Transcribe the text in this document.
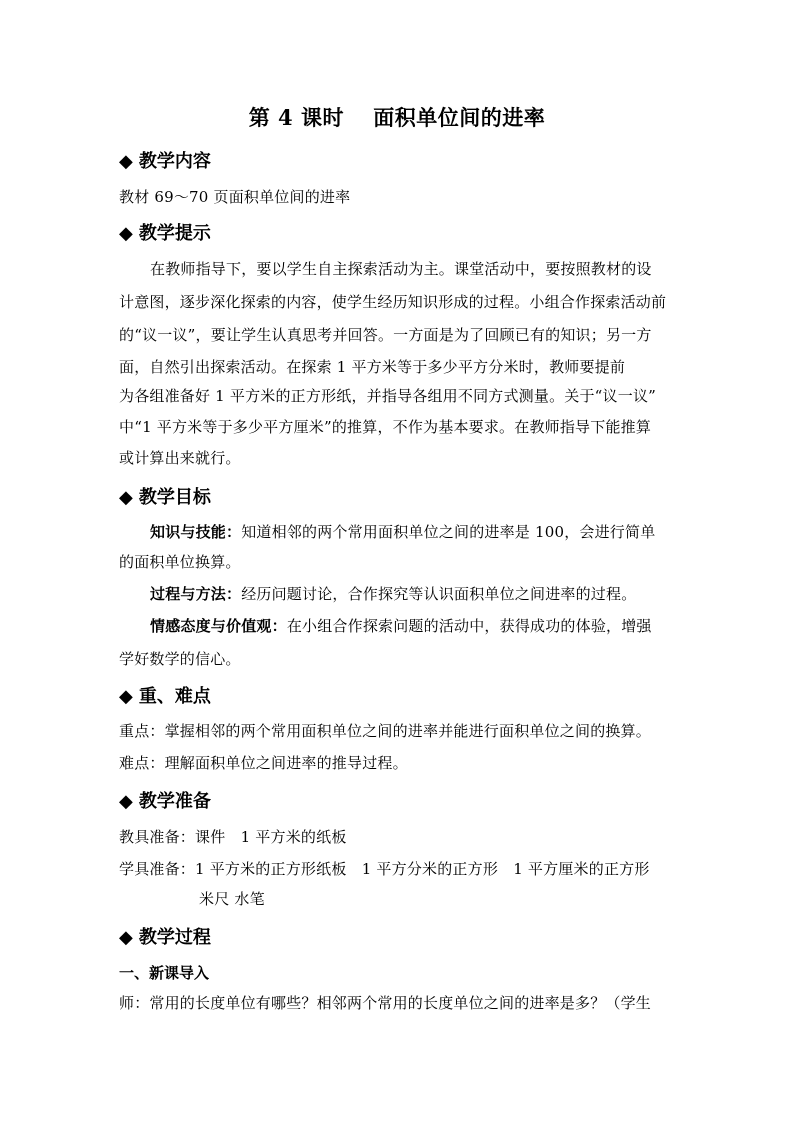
第 4 课时　 面积单位间的进率
◆ 教学内容
教材 69～70 页面积单位间的进率
◆ 教学提示
在教师指导下，要以学生自主探索活动为主。课堂活动中，要按照教材的设
计意图，逐步深化探索的内容，使学生经历知识形成的过程。小组合作探索活动前
的“议一议”，要让学生认真思考并回答。一方面是为了回顾已有的知识；另一方
面，自然引出探索活动。在探索 1 平方米等于多少平方分米时，教师要提前
为各组准备好 1 平方米的正方形纸，并指导各组用不同方式测量。关于“议一议”
中“1 平方米等于多少平方厘米”的推算，不作为基本要求。在教师指导下能推算
或计算出来就行。
◆ 教学目标
知识与技能：知道相邻的两个常用面积单位之间的进率是 100，会进行简单
的面积单位换算。
过程与方法：经历问题讨论，合作探究等认识面积单位之间进率的过程。
情感态度与价值观：在小组合作探索问题的活动中，获得成功的体验，增强
学好数学的信心。
◆ 重、难点
重点：掌握相邻的两个常用面积单位之间的进率并能进行面积单位之间的换算。
难点：理解面积单位之间进率的推导过程。
◆ 教学准备
教具准备：课件　1 平方米的纸板
学具准备：1 平方米的正方形纸板　1 平方分米的正方形　1 平方厘米的正方形
米尺 水笔
◆ 教学过程
一、新课导入
师：常用的长度单位有哪些？相邻两个常用的长度单位之间的进率是多？（学生
